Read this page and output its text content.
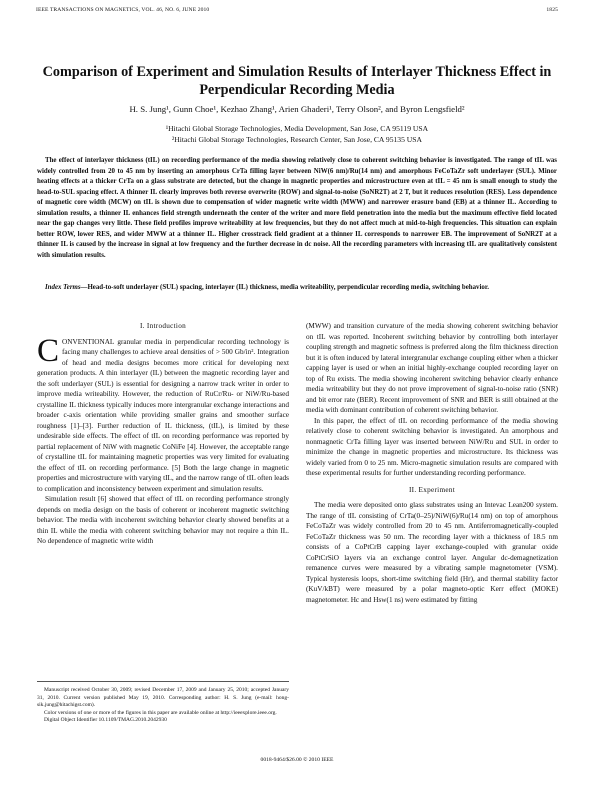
IEEE TRANSACTIONS ON MAGNETICS, VOL. 46, NO. 6, JUNE 2010	1825
Comparison of Experiment and Simulation Results of Interlayer Thickness Effect in Perpendicular Recording Media
H. S. Jung¹, Gunn Choe¹, Kezhao Zhang¹, Arien Ghaderi¹, Terry Olson², and Byron Lengsfield²
¹Hitachi Global Storage Technologies, Media Development, San Jose, CA 95119 USA
²Hitachi Global Storage Technologies, Research Center, San Jose, CA 95135 USA
The effect of interlayer thickness (tIL) on recording performance of the media showing relatively close to coherent switching behavior is investigated. The range of tIL was widely controlled from 20 to 45 nm by inserting an amorphous CrTa filling layer between NiW(6 nm)/Ru(14 nm) and amorphous FeCoTaZr soft underlayer (SUL). Minor heating effects at a thicker CrTa on a glass substrate are detected, but the change in magnetic properties and microstructure even at tIL = 45 nm is small enough to study the head-to-SUL spacing effect. A thinner IL clearly improves both reverse overwrite (ROW) and signal-to-noise (SoNR2T) at 2 T, but it reduces resolution (RES). Less dependence of magnetic core width (MCW) on tIL is shown due to compensation of wider magnetic write width (MWW) and narrower erasure band (EB) at a thinner IL. According to simulation results, a thinner IL enhances field strength underneath the center of the writer and more field penetration into the media but the maximum effective field located near the gap changes very little. These field profiles improve writeability at low frequencies, but they do not affect much at mid-to-high frequencies. This situation can explain better ROW, lower RES, and wider MWW at a thinner IL. Higher crosstrack field gradient at a thinner IL corresponds to narrower EB. The improvement of SoNR2T at a thinner IL is caused by the increase in signal at low frequency and the further decrease in dc noise. All the recording parameters with increasing tIL are qualitatively consistent with simulation results.
Index Terms—Head-to-soft underlayer (SUL) spacing, interlayer (IL) thickness, media writeability, perpendicular recording media, switching behavior.
I. Introduction

CONVENTIONAL granular media in perpendicular recording technology is facing many challenges to achieve areal densities of > 500 Gb/in². Integration of head and media designs becomes more critical for developing next generation products. A thin interlayer (IL) between the magnetic recording layer and the soft underlayer (SUL) is essential for designing a narrow track writer in order to improve media writeability. However, the reduction of RuCr/Ru- or NiW/Ru-based crystalline IL thickness typically induces more intergranular exchange interactions and broader c-axis orientation while providing smaller grains and smoother surface roughness [1]–[3]. Further reduction of IL thickness, (tIL), is limited by these undesirable side effects. The effect of tIL on recording performance was reported by partial replacement of NiW with magnetic CoNiFe [4]. However, the acceptable range of crystalline tIL for maintaining magnetic properties was very limited for evaluating the effect of tIL on recording performance. [5] Both the large change in magnetic properties and microstructure with varying tIL, and the narrow range of tIL often leads to complication and inconsistency between experiment and simulation results.

Simulation result [6] showed that effect of tIL on recording performance strongly depends on media design on the basis of coherent or incoherent magnetic switching behavior. The media with incoherent switching behavior clearly showed benefits at a thin IL while the media with coherent switching behavior may not require a thin IL. No dependence of magnetic write width

Manuscript received October 30, 2009; revised December 17, 2009 and January 25, 2010; accepted January 31, 2010. Current version published May 19, 2010. Corresponding author: H. S. Jung (e-mail: hong-sik.jung@hitachigst.com).

Color versions of one or more of the figures in this paper are available online at http://ieeexplore.ieee.org.

Digital Object Identifier 10.1109/TMAG.2010.2042930

(MWW) and transition curvature of the media showing coherent switching behavior on tIL was reported. Incoherent switching behavior by controlling both interlayer coupling strength and magnetic softness is preferred along the film thickness direction but it is often induced by lateral intergranular exchange coupling either when a thicker capping layer is used or when an initial highly-exchange coupled recording layer on top of Ru exists. The media showing incoherent switching behavior clearly enhance media writeability but they do not prove improvement of signal-to-noise ratio (SNR) and bit error rate (BER). Recent improvement of SNR and BER is still obtained at the media with dominant contribution of coherent switching behavior.

In this paper, the effect of tIL on recording performance of the media showing relatively close to coherent switching behavior is investigated. An amorphous and nonmagnetic CrTa filling layer was inserted between NiW/Ru and SUL in order to minimize the change in magnetic properties and microstructure. Its thickness was widely varied from 0 to 25 nm. Micro-magnetic simulation results are compared with these experimental results for further understanding recording performance.

II. Experiment

The media were deposited onto glass substrates using an Intevac Lean200 system. The range of tIL consisting of CrTa(0–25)/NiW(6)/Ru(14 nm) on top of amorphous FeCoTaZr was widely controlled from 20 to 45 nm. Antiferromagnetically-coupled FeCoTaZr thickness was 50 nm. The recording layer with a thickness of 18.5 nm consists of a CoPtCrB capping layer exchange-coupled with granular oxide CoPtCrSiO layers via an exchange control layer. Angular dc-demagnetization remanence curves were measured by a vibrating sample magnetometer (VSM). Typical hysteresis loops, short-time switching field (Hr), and thermal stability factor (KuV/kBT) were measured by a polar magneto-optic Kerr effect (MOKE) magnetometer. Hc and Hsw(1 ns) were estimated by fitting

0018-9464/$26.00 © 2010 IEEE
